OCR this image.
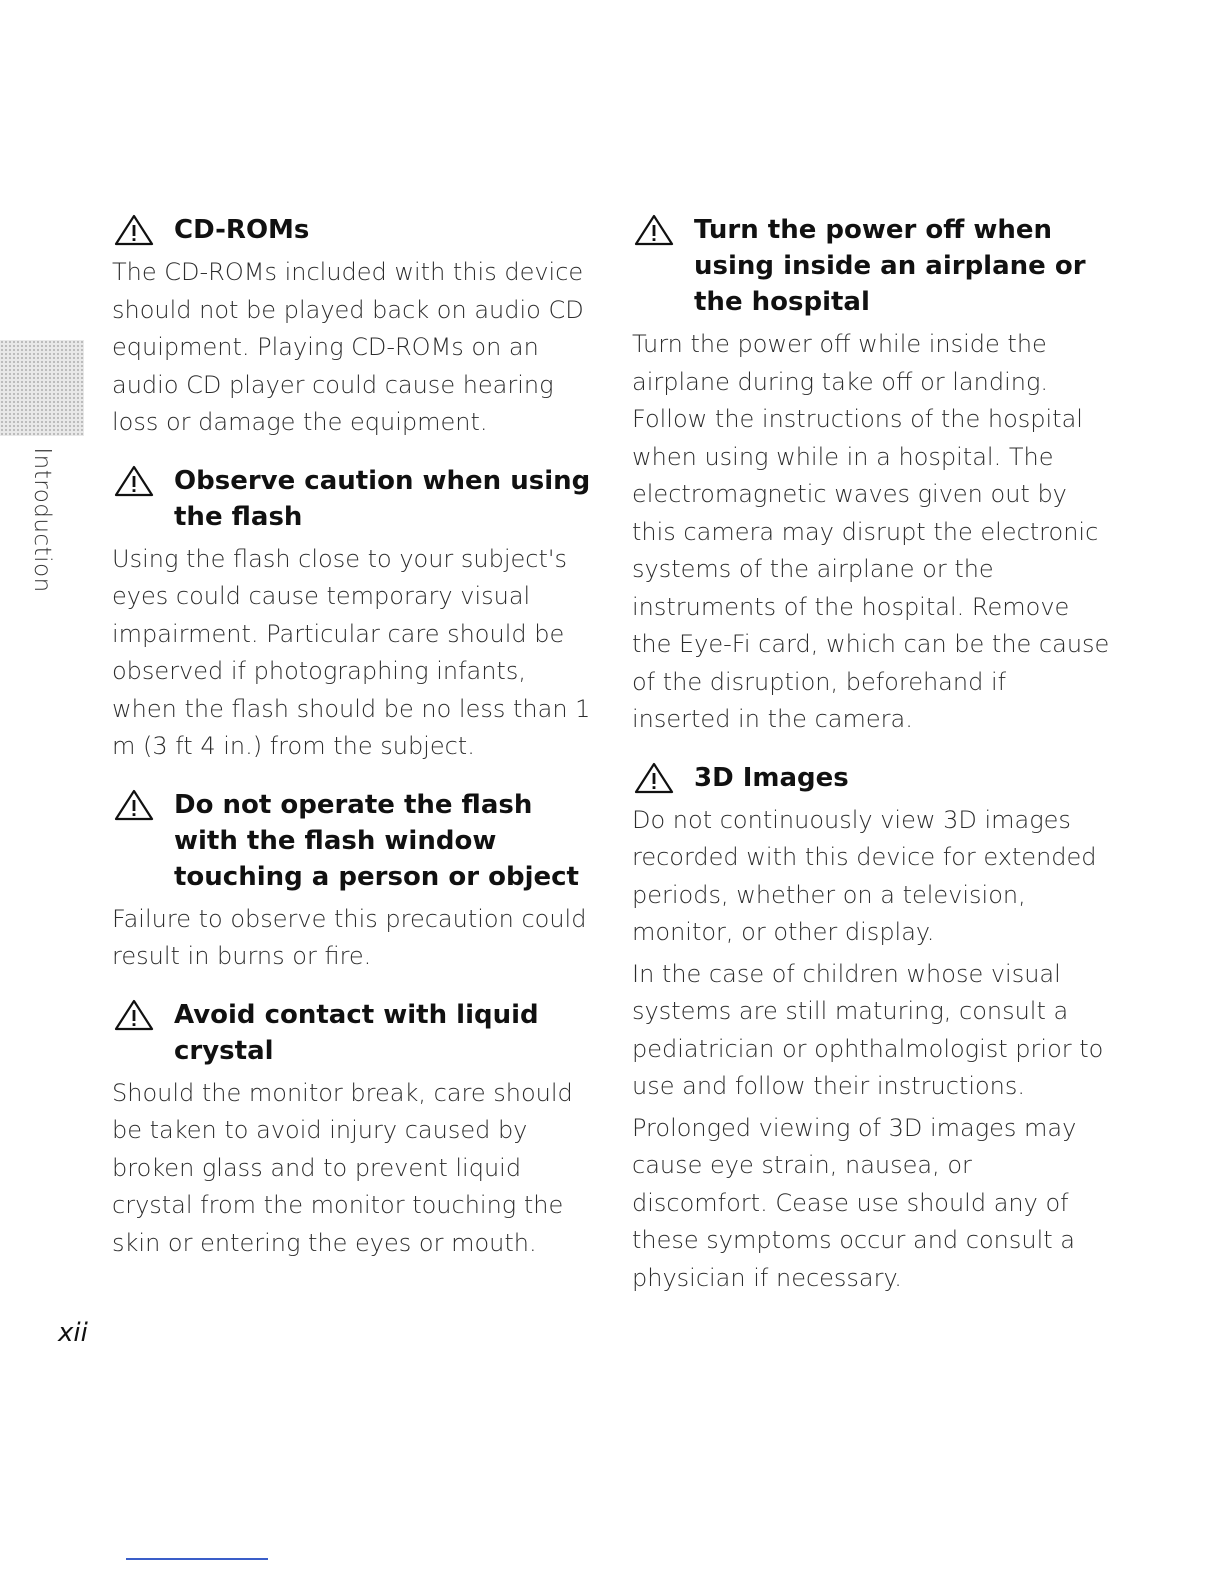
Introduction
CD-ROMs

The CD-ROMs included with this device should not be played back on audio CD equipment. Playing CD-ROMs on an audio CD player could cause hearing loss or damage the equipment.

Observe caution when using the flash

Using the flash close to your subject's eyes could cause temporary visual impairment. Particular care should be observed if photographing infants, when the flash should be no less than 1 m (3 ft 4 in.) from the subject.

Do not operate the flash with the flash window touching a person or object

Failure to observe this precaution could result in burns or fire.

Avoid contact with liquid crystal

Should the monitor break, care should be taken to avoid injury caused by broken glass and to prevent liquid crystal from the monitor touching the skin or entering the eyes or mouth.

Turn the power off when using inside an airplane or the hospital

Turn the power off while inside the airplane during take off or landing. Follow the instructions of the hospital when using while in a hospital. The electromagnetic waves given out by this camera may disrupt the electronic systems of the airplane or the instruments of the hospital. Remove the Eye-Fi card, which can be the cause of the disruption, beforehand if inserted in the camera.

3D Images

Do not continuously view 3D images recorded with this device for extended periods, whether on a television, monitor, or other display.

In the case of children whose visual systems are still maturing, consult a pediatrician or ophthalmologist prior to use and follow their instructions.

Prolonged viewing of 3D images may cause eye strain, nausea, or discomfort. Cease use should any of these symptoms occur and consult a physician if necessary.

xii
